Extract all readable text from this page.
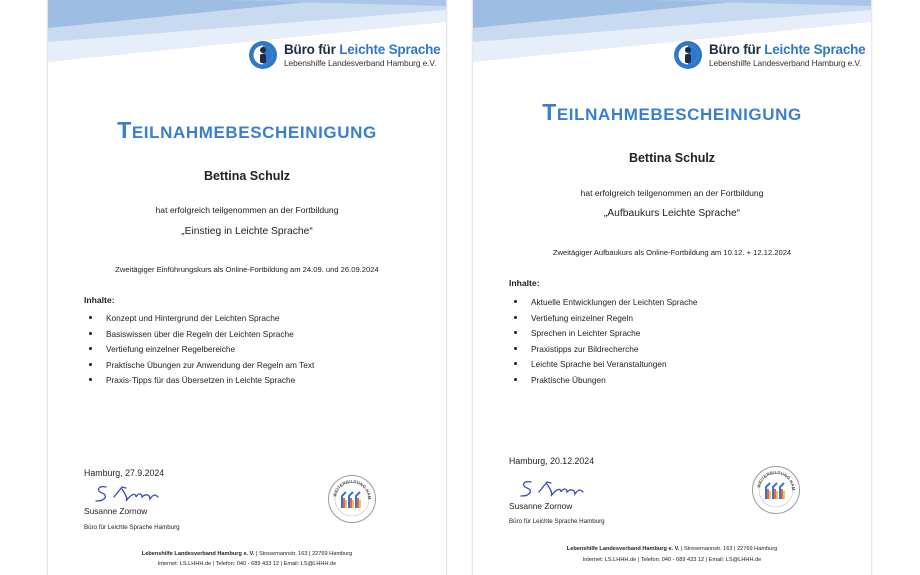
Büro für Leichte Sprache
Lebenshilfe Landesverband Hamburg e.V.
TEILNAHMEBESCHEINIGUNG
Bettina Schulz
hat erfolgreich teilgenommen an der Fortbildung
„Einstieg in Leichte Sprache“
Zweitägiger Einführungskurs als Online-Fortbildung am 24.09. und 26.09.2024
Inhalte:
Konzept und Hintergrund der Leichten Sprache
Basiswissen über die Regeln der Leichten Sprache
Vertiefung einzelner Regelbereiche
Praktische Übungen zur Anwendung der Regeln am Text
Praxis-Tipps für das Übersetzen in Leichte Sprache
Hamburg, 27.9.2024
Susanne Zornow
Büro für Leichte Sprache Hamburg
WEITERBILDUNG HAM
Lebenshilfe Landesverband Hamburg e. V. | Stresemannstr. 163 | 22769 Hamburg
Internet: LS.LHHH.de | Telefon: 040 - 689 433 12 | Email: LS@LHHH.de
Büro für Leichte Sprache
Lebenshilfe Landesverband Hamburg e.V.
TEILNAHMEBESCHEINIGUNG
Bettina Schulz
hat erfolgreich teilgenommen an der Fortbildung
„Aufbaukurs Leichte Sprache“
Zweitägiger Aufbaukurs als Online-Fortbildung am 10.12. + 12.12.2024
Inhalte:
Aktuelle Entwicklungen der Leichten Sprache
Vertiefung einzelner Regeln
Sprechen in Leichter Sprache
Praxistipps zur Bildrecherche
Leichte Sprache bei Veranstaltungen
Praktische Übungen
Hamburg, 20.12.2024
Susanne Zornow
Büro für Leichte Sprache Hamburg
WEITERBILDUNG HAM
Lebenshilfe Landesverband Hamburg e. V. | Stresemannstr. 163 | 22769 Hamburg
Internet: LS.LHHH.de | Telefon: 040 - 689 433 12 | Email: LS@LHHH.de
